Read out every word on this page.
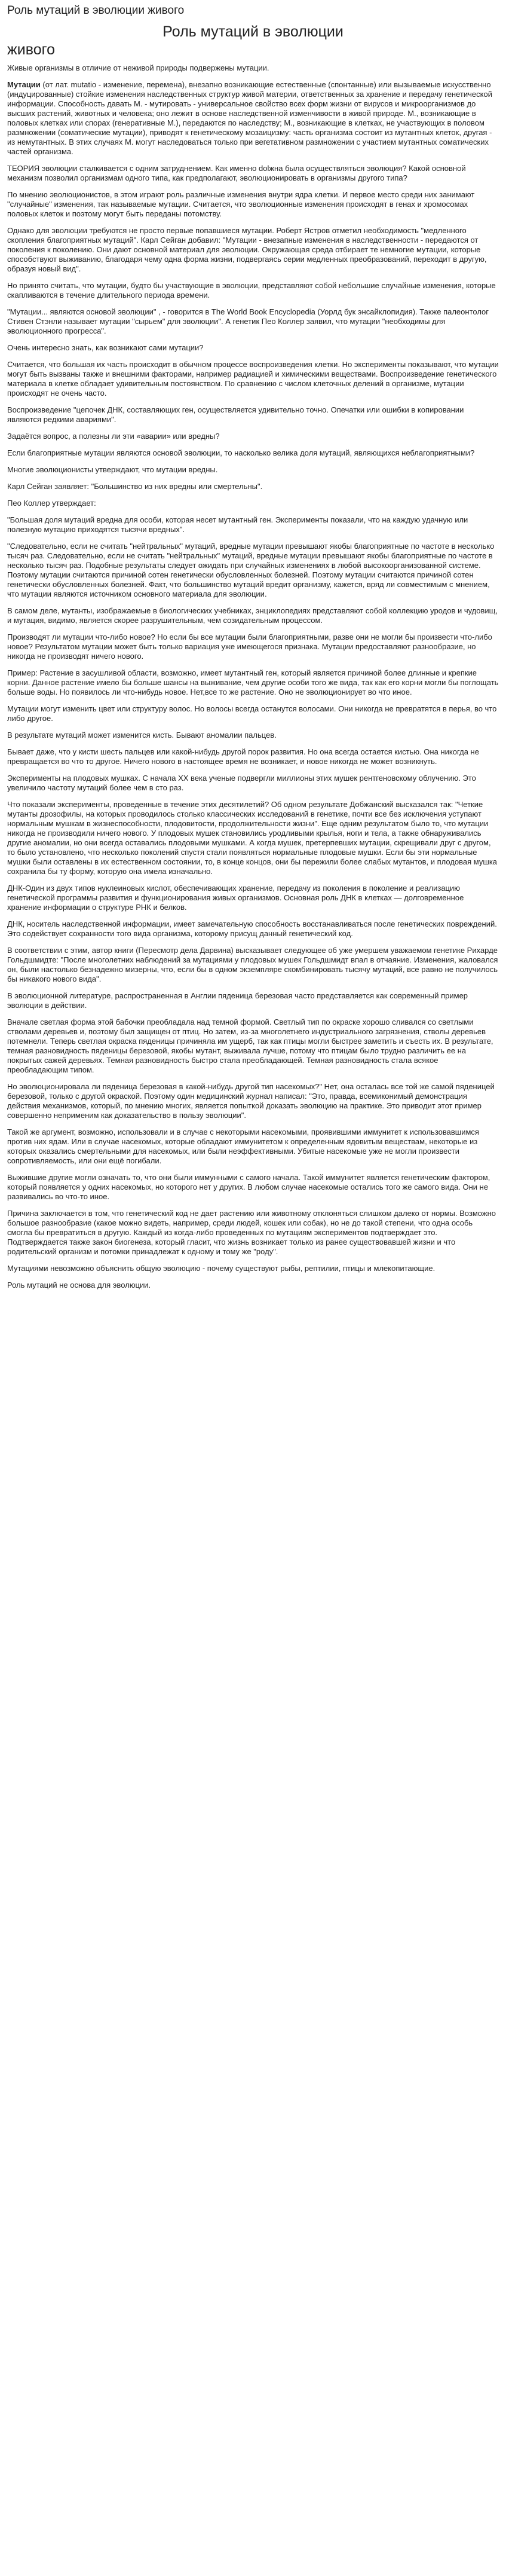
Роль мутаций в эволюции живого
Роль мутаций в эволюции
живого

Живые организмы в отличие от неживой природы подвержены мутации.

Мутации (от лат. mutatio - изменение, перемена), внезапно возникающие естественные (спонтанные) или вызываемые искусственно (индуцированные) стойкие изменения наследственных структур живой материи, ответственных за хранение и передачу генетической информации. Способность давать М. - мутировать - универсальное свойство всех форм жизни от вирусов и микроорганизмов до высших растений, животных и человека; оно лежит в основе наследственной изменчивости в живой природе. М., возникающие в половых клетках или спорах (генеративные М.), передаются по наследству; М., возникающие в клетках, не участвующих в половом размножении (соматические мутации), приводят к генетическому мозаицизму: часть организма состоит из мутантных клеток, другая - из немутантных. В этих случаях М. могут наследоваться только при вегетативном размножении с участием мутантных соматических частей организма.

ТЕОРИЯ эволюции сталкивается с одним затруднением. Как именно dolжна была осуществляться эволюция? Какой основной механизм позволил организмам одного типа, как предполагают, эволюционировать в организмы другого типа?

По мнению эволюционистов, в этом играют роль различные изменения внутри ядра клетки. И первое место среди них занимают "случайные" изменения, так называемые мутации. Считается, что эволюционные изменения происходят в генах и хромосомах половых клеток и поэтому могут быть переданы потомству.

Однако для эволюции требуются не просто первые попавшиеся мутации. Роберт Ястров отметил необходимость "медленного скопления благоприятных мутаций". Карл Сейган добавил: "Мутации - внезапные изменения в наследственности - передаются от поколения к поколению. Они дают основной материал для эволюции. Окружающая среда отбирает те немногие мутации, которые способствуют выживанию, благодаря чему одна форма жизни, подвергаясь серии медленных преобразований, переходит в другую, образуя новый вид".

Но принято считать, что мутации, будто бы участвующие в эволюции, представляют собой небольшие случайные изменения, которые скапливаются в течение длительного периода времени.

"Мутации... являются основой эволюции" , - говорится в The World Book Encyclopedia (Уорлд бук энсайклопидия). Также палеонтолог Стивен Стэнли называет мутации "сырьем" для эволюции". А генетик Пео Коллер заявил, что мутации "необходимы для эволюционного прогресса".

Очень интересно знать, как возникают сами мутации?

Считается, что большая их часть происходит в обычном процессе воспроизведения клетки. Но эксперименты показывают, что мутации могут быть вызваны также и внешними факторами, например радиацией и химическими веществами. Воспроизведение генетического материала в клетке обладает удивительным постоянством. По сравнению с числом клеточных делений в организме, мутации происходят не очень часто.

Воспроизведение "цепочек ДНК, составляющих ген, осуществляется удивительно точно. Опечатки или ошибки в копировании являются редкими авариями".

Задаётся вопрос, а полезны ли эти «аварии» или вредны?

Если благоприятные мутации являются основой эволюции, то насколько велика доля мутаций, являющихся неблагоприятными?

Многие эволюционисты утверждают, что мутации вредны.

Карл Сейган заявляет: "Большинство из них вредны или смертельны".

Пео Коллер утверждает:

"Большая доля мутаций вредна для особи, которая несет мутантный ген. Эксперименты показали, что на каждую удачную или полезную мутацию приходятся тысячи вредных".

"Следовательно, если не считать "нейтральных" мутаций, вредные мутации превышают якобы благоприятные по частоте в несколько тысяч раз. Следовательно, если не считать "нейтральных" мутаций, вредные мутации превышают якобы благоприятные по частоте в несколько тысяч раз. Подобные результаты следует ожидать при случайных изменениях в любой высокоорганизованной системе. Поэтому мутации считаются причиной сотен генетически обусловленных болезней. Поэтому мутации считаются причиной сотен генетически обусловленных болезней. Факт, что большинство мутаций вредит организму, кажется, вряд ли совместимым с мнением, что мутации являются источником основного материала для эволюции.

В самом деле, мутанты, изображаемые в биологических учебниках, энциклопедиях представляют собой коллекцию уродов и чудовищ, и мутация, видимо, является скорее разрушительным, чем созидательным процессом.

Производят ли мутации что-либо новое? Но если бы все мутации были благоприятными, разве они не могли бы произвести что-либо новое? Результатом мутации может быть только вариация уже имеющегося признака. Мутации предоставляют разнообразие, но никогда не производят ничего нового.

Пример: Растение в засушливой области, возможно, имеет мутантный ген, который является причиной более длинные и крепкие корни. Данное растение имело бы больше шансы на выживание, чем другие особи того же вида, так как его корни могли бы поглощать больше воды. Но появилось ли что-нибудь новое. Нет,все то же растение. Оно не эволюционирует во что иное.

Мутации могут изменить цвет или структуру волос. Но волосы всегда останутся волосами. Они никогда не превратятся в перья, во что либо другое.

В результате мутаций может изменится кисть. Бывают аномалии пальцев.

Бывает даже, что у кисти шесть пальцев или какой-нибудь другой порок развития. Но она всегда остается кистью. Она никогда не превращается во что то другое. Ничего нового в настоящее время не возникает, и новое никогда не может возникнуть.

Эксперименты на плодовых мушках. С начала XX века ученые подвергли миллионы этих мушек рентгеновскому облучению. Это увеличило частоту мутаций более чем в сто раз.

Что показали эксперименты, проведенные в течение этих десятилетий? Об одном результате Добжанский высказался так: "Четкие мутанты дрозофилы, на которых проводилось столько классических исследований в генетике, почти все без исключения уступают нормальным мушкам в жизнеспособности, плодовитости, продолжительности жизни". Еще одним результатом было то, что мутации никогда не производили ничего нового. У плодовых мушек становились уродливыми крылья, ноги и тела, а также обнаруживались другие аномалии, но они всегда оставались плодовыми мушками. А когда мушек, претерпевших мутации, скрещивали друг с другом, то было установлено, что несколько поколений спустя стали появляться нормальные плодовые мушки. Если бы эти нормальные мушки были оставлены в их естественном состоянии, то, в конце концов, они бы пережили более слабых мутантов, и плодовая мушка сохранила бы ту форму, которую она имела изначально.

ДНК-Один из двух типов нуклеиновых кислот, обеспечивающих хранение, передачу из поколения в поколение и реализацию генетической программы развития и функционирования живых организмов. Основная роль ДНК в клетках — долговременное хранение информации о структуре РНК и белков.

ДНК, носитель наследственной информации, имеет замечательную способность восстанавливаться после генетических повреждений. Это содействует сохранности того вида организма, которому присущ данный генетический код.

В соответствии с этим, автор книги (Пересмотр дела Дарвина) высказывает следующее об уже умершем уважаемом генетике Рихарде Гольдшмидте: "После многолетних наблюдений за мутациями у плодовых мушек Гольдшмидт впал в отчаяние. Изменения, жаловался он, были настолько безнадежно мизерны, что, если бы в одном экземпляре скомбинировать тысячу мутаций, все равно не получилось бы никакого нового вида".

В эволюционной литературе, распространенная в Англии пяденица березовая часто представляется как современный пример эволюции в действии.

Вначале светлая форма этой бабочки преобладала над темной формой. Светлый тип по окраске хорошо сливался со светлыми стволами деревьев и, поэтому был защищен от птиц. Но затем, из-за многолетнего индустриального загрязнения, стволы деревьев потемнели. Теперь светлая окраска пяденицы причиняла им ущерб, так как птицы могли быстрее заметить и съесть их. В результате, темная разновидность пяденицы березовой, якобы мутант, выживала лучше, потому что птицам было трудно различить ее на покрытых сажей деревьях. Темная разновидность быстро стала преобладающей. Темная разновидность стала всякое преобладающим типом.

Но эволюционировала ли пяденица березовая в какой-нибудь другой тип насекомых?" Нет, она осталась все той же самой пяденицей березовой, только с другой окраской. Поэтому один медицинский журнал написал: "Это, правда, всемиконимый демонстрация действия механизмов, который, по мнению многих, является попыткой доказать эволюцию на практике. Это приводит этот пример совершенно неприменим как доказательство в пользу эволюции".

Такой же аргумент, возможно, использовали и в случае с некоторыми насекомыми, проявившими иммунитет к использовавшимся против них ядам. Или в случае насекомых, которые обладают иммунитетом к определенным ядовитым веществам, некоторые из которых оказались смертельными для насекомых, или были неэффективными. Убитые насекомые уже не могли произвести сопротивляемость, или они ещё погибали.

Выжившие другие могли означать то, что они были иммунными с самого начала. Такой иммунитет является генетическим фактором, который появляется у одних насекомых, но которого нет у других. В любом случае насекомые остались того же самого вида. Они не развивались во что-то иное.

Причина заключается в том, что генетический код не дает растению или животному отклоняться слишком далеко от нормы. Возможно большое разнообразие (какое можно видеть, например, среди людей, кошек или собак), но не до такой степени, что одна особь смогла бы превратиться в другую. Каждый из когда-либо проведенных по мутациям экспериментов подтверждает это. Подтверждается также закон биогенеза, который гласит, что жизнь возникает только из ранее существовавшей жизни и что родительский организм и потомки принадлежат к одному и тому же "роду".

Мутациями невозможно объяснить общую эволюцию - почему существуют рыбы, рептилии, птицы и млекопитающие.

Роль мутаций не основа для эволюции.
